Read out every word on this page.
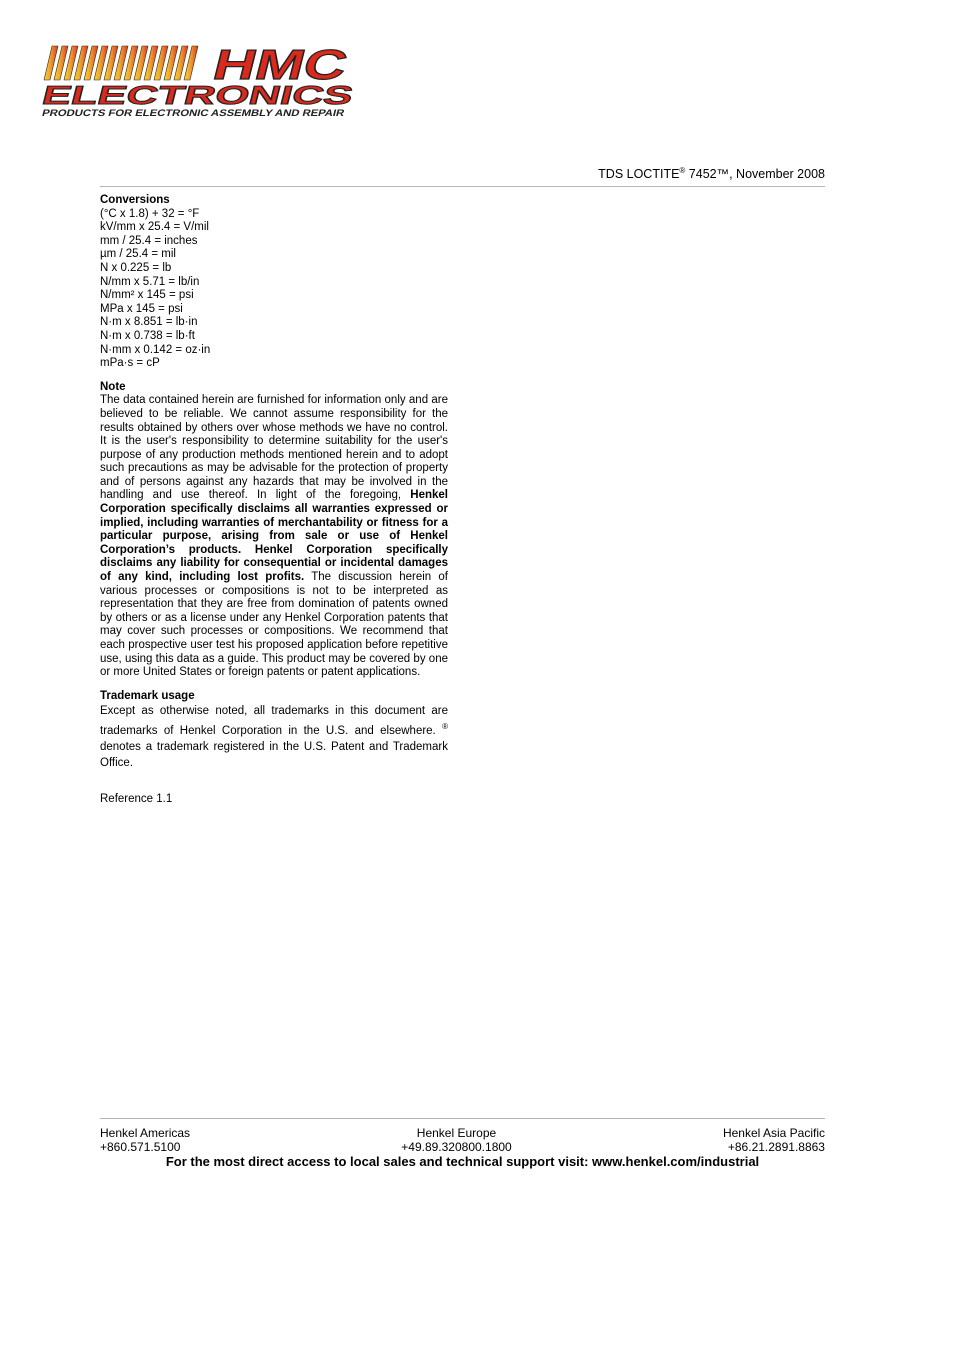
HMC
ELECTRONICS
PRODUCTS FOR ELECTRONIC ASSEMBLY AND REPAIR
TDS LOCTITE® 7452™, November 2008
Conversions
(°C x 1.8) + 32 = °F
kV/mm x 25.4 = V/mil
mm / 25.4 = inches
µm / 25.4 = mil
N x 0.225 = lb
N/mm x 5.71 = lb/in
N/mm² x 145 = psi
MPa x 145 = psi
N·m x 8.851 = lb·in
N·m x 0.738 = lb·ft
N·mm x 0.142 = oz·in
mPa·s = cP
Note
The data contained herein are furnished for information only and are believed to be reliable. We cannot assume responsibility for the results obtained by others over whose methods we have no control. It is the user's responsibility to determine suitability for the user's purpose of any production methods mentioned herein and to adopt such precautions as may be advisable for the protection of property and of persons against any hazards that may be involved in the handling and use thereof. In light of the foregoing, Henkel Corporation specifically disclaims all warranties expressed or implied, including warranties of merchantability or fitness for a particular purpose, arising from sale or use of Henkel Corporation’s products. Henkel Corporation specifically disclaims any liability for consequential or incidental damages of any kind, including lost profits. The discussion herein of various processes or compositions is not to be interpreted as representation that they are free from domination of patents owned by others or as a license under any Henkel Corporation patents that may cover such processes or compositions. We recommend that each prospective user test his proposed application before repetitive use, using this data as a guide. This product may be covered by one or more United States or foreign patents or patent applications.
Trademark usage
Except as otherwise noted, all trademarks in this document are trademarks of Henkel Corporation in the U.S. and elsewhere. ® denotes a trademark registered in the U.S. Patent and Trademark Office.
Reference 1.1
Henkel Americas
+860.571.5100
Henkel Europe
+49.89.320800.1800
Henkel Asia Pacific
+86.21.2891.8863
For the most direct access to local sales and technical support visit: www.henkel.com/industrial
